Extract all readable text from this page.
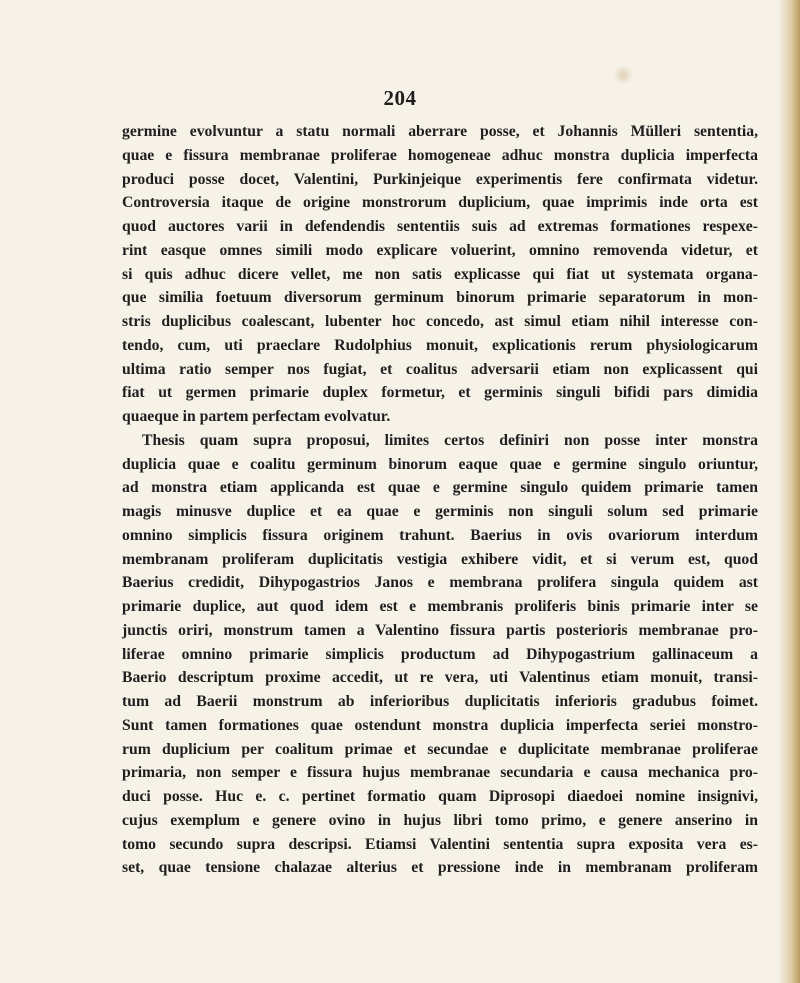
204
germine evolvuntur a statu normali aberrare posse, et Johannis Mülleri sententia,
quae e fissura membranae proliferae homogeneae adhuc monstra duplicia imperfecta
produci posse docet, Valentini, Purkinjeique experimentis fere confirmata videtur.
Controversia itaque de origine monstrorum duplicium, quae imprimis inde orta est
quod auctores varii in defendendis sententiis suis ad extremas formationes respexe-
rint easque omnes simili modo explicare voluerint, omnino removenda videtur, et
si quis adhuc dicere vellet, me non satis explicasse qui fiat ut systemata organa-
que similia foetuum diversorum germinum binorum primarie separatorum in mon-
stris duplicibus coalescant, lubenter hoc concedo, ast simul etiam nihil interesse con-
tendo, cum, uti praeclare Rudolphius monuit, explicationis rerum physiologicarum
ultima ratio semper nos fugiat, et coalitus adversarii etiam non explicassent qui
fiat ut germen primarie duplex formetur, et germinis singuli bifidi pars dimidia
quaeque in partem perfectam evolvatur.
Thesis quam supra proposui, limites certos definiri non posse inter monstra
duplicia quae e coalitu germinum binorum eaque quae e germine singulo oriuntur,
ad monstra etiam applicanda est quae e germine singulo quidem primarie tamen
magis minusve duplice et ea quae e germinis non singuli solum sed primarie
omnino simplicis fissura originem trahunt. Baerius in ovis ovariorum interdum
membranam proliferam duplicitatis vestigia exhibere vidit, et si verum est, quod
Baerius credidit, Dihypogastrios Janos e membrana prolifera singula quidem ast
primarie duplice, aut quod idem est e membranis proliferis binis primarie inter se
junctis oriri, monstrum tamen a Valentino fissura partis posterioris membranae pro-
liferae omnino primarie simplicis productum ad Dihypogastrium gallinaceum a
Baerio descriptum proxime accedit, ut re vera, uti Valentinus etiam monuit, transi-
tum ad Baerii monstrum ab inferioribus duplicitatis inferioris gradubus foimet.
Sunt tamen formationes quae ostendunt monstra duplicia imperfecta seriei monstro-
rum duplicium per coalitum primae et secundae e duplicitate membranae proliferae
primaria, non semper e fissura hujus membranae secundaria e causa mechanica pro-
duci posse. Huc e. c. pertinet formatio quam Diprosopi diaedoei nomine insignivi,
cujus exemplum e genere ovino in hujus libri tomo primo, e genere anserino in
tomo secundo supra descripsi. Etiamsi Valentini sententia supra exposita vera es-
set, quae tensione chalazae alterius et pressione inde in membranam proliferam
